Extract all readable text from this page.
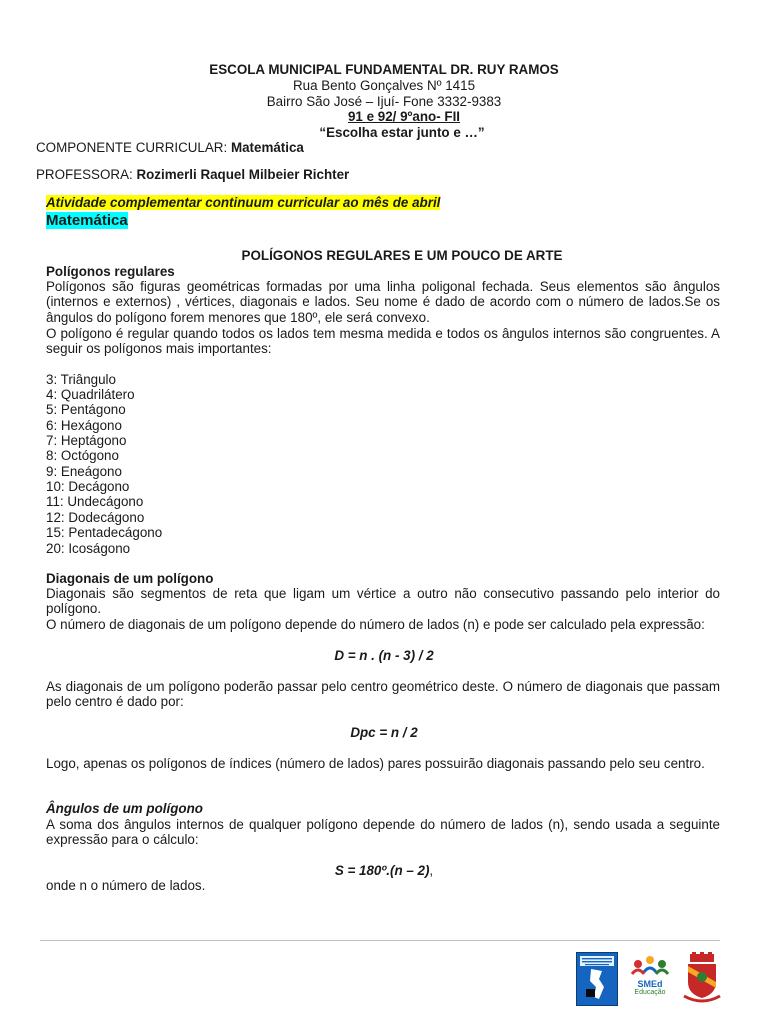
ESCOLA MUNICIPAL FUNDAMENTAL DR. RUY RAMOS
Rua Bento Gonçalves Nº 1415
Bairro São José – Ijuí- Fone 3332-9383
91 e 92/ 9ºano- FII
“Escolha estar junto e …”
COMPONENTE CURRICULAR: Matemática
PROFESSORA: Rozimerli Raquel Milbeier Richter
Atividade complementar continuum curricular ao mês de abril
Matemática
POLÍGONOS REGULARES E UM POUCO DE ARTE
Polígonos regulares
Polígonos são figuras geométricas formadas por uma linha poligonal fechada. Seus elementos são ângulos (internos e externos) , vértices, diagonais e lados. Seu nome é dado de acordo com o número de lados.Se os ângulos do polígono forem menores que 180º, ele será convexo.
O polígono é regular quando todos os lados tem mesma medida e todos os ângulos internos são congruentes. A seguir os polígonos mais importantes:
3: Triângulo
4: Quadrilátero
5: Pentágono
6: Hexágono
7: Heptágono
8: Octógono
9: Eneágono
10: Decágono
11: Undecágono
12: Dodecágono
15: Pentadecágono
20: Icoságono
Diagonais de um polígono
Diagonais são segmentos de reta que ligam um vértice a outro não consecutivo passando pelo interior do polígono.
O número de diagonais de um polígono depende do número de lados (n) e pode ser calculado pela expressão:
D = n . (n - 3) / 2
As diagonais de um polígono poderão passar pelo centro geométrico deste. O número de diagonais que passam pelo centro é dado por:
Dpc = n / 2
Logo, apenas os polígonos de índices (número de lados) pares possuirão diagonais passando pelo seu centro.
Ângulos de um polígono
A soma dos ângulos internos de qualquer polígono depende do número de lados (n), sendo usada a seguinte expressão para o cálculo:
S = 180º.(n – 2),
onde n o número de lados.
SMEd
Educação
